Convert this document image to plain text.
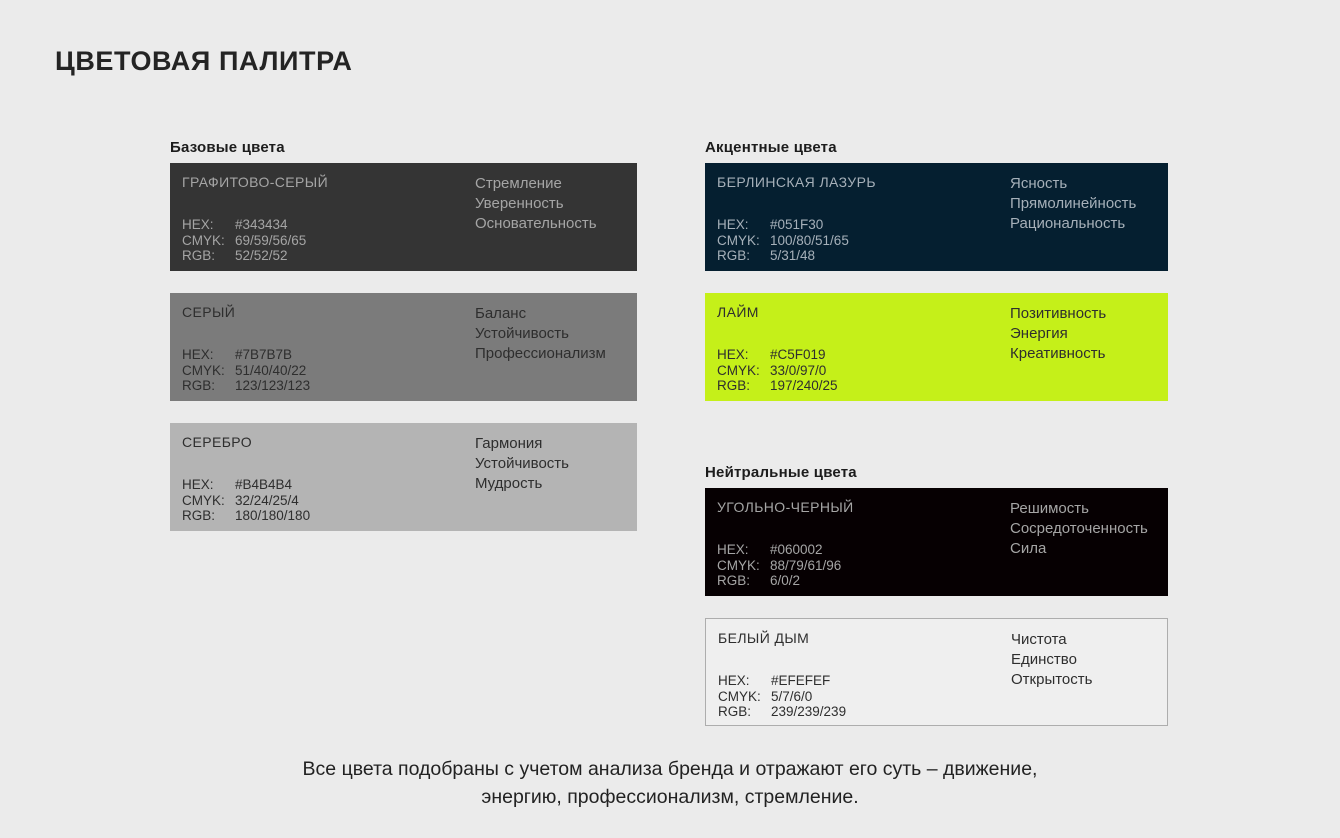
ЦВЕТОВАЯ ПАЛИТРА
Базовые цвета
ГРАФИТОВО-СЕРЫЙ
HEX: #343434
CMYK: 69/59/56/65
RGB: 52/52/52
Стремление
Уверенность
Основательность
СЕРЫЙ
HEX: #7B7B7B
CMYK: 51/40/40/22
RGB: 123/123/123
Баланс
Устойчивость
Профессионализм
СЕРЕБРО
HEX: #B4B4B4
CMYK: 32/24/25/4
RGB: 180/180/180
Гармония
Устойчивость
Мудрость
Акцентные цвета
БЕРЛИНСКАЯ ЛАЗУРЬ
HEX: #051F30
CMYK: 100/80/51/65
RGB: 5/31/48
Ясность
Прямолинейность
Рациональность
ЛАЙМ
HEX: #C5F019
CMYK: 33/0/97/0
RGB: 197/240/25
Позитивность
Энергия
Креативность
Нейтральные цвета
УГОЛЬНО-ЧЕРНЫЙ
HEX: #060002
CMYK: 88/79/61/96
RGB: 6/0/2
Решимость
Сосредоточенность
Сила
БЕЛЫЙ ДЫМ
HEX: #EFEFEF
CMYK: 5/7/6/0
RGB: 239/239/239
Чистота
Единство
Открытость
Все цвета подобраны с учетом анализа бренда и отражают его суть – движение,
энергию, профессионализм, стремление.
